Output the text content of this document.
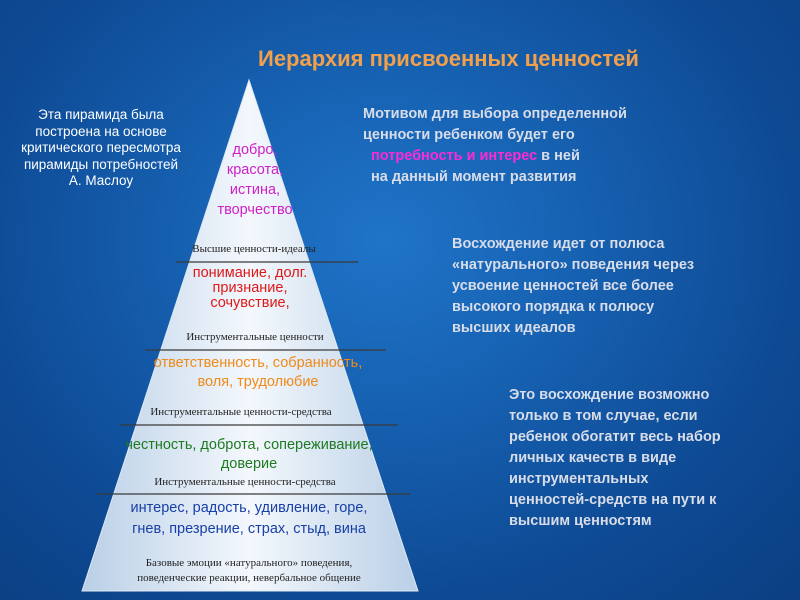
Иерархия присвоенных ценностей
Эта пирамида была
построена на основе
критического пересмотра
пирамиды потребностей
А. Маслоу
Мотивом для выбора определенной
ценности ребенком будет его
потребность и интерес в ней
на данный момент развития
Восхождение идет от полюса
«натурального» поведения через
усвоение ценностей все более
высокого порядка к полюсу
высших идеалов
Это восхождение возможно
только в том случае, если
ребенок обогатит весь набор
личных качеств в виде
инструментальных
ценностей-средств на пути к
высшим ценностям
добро,
красота,
истина,
творчество
Высшие ценности-идеалы
понимание, долг.
признание,
сочувствие,
Инструментальные ценности
ответственность, собранность,
воля, трудолюбие
Инструментальные ценности-средства
честность, доброта, сопереживание,
доверие
Инструментальные ценности-средства
интерес, радость, удивление, горе,
гнев, презрение, страх, стыд, вина
Базовые эмоции «натурального» поведения,
поведенческие реакции, невербальное общение
